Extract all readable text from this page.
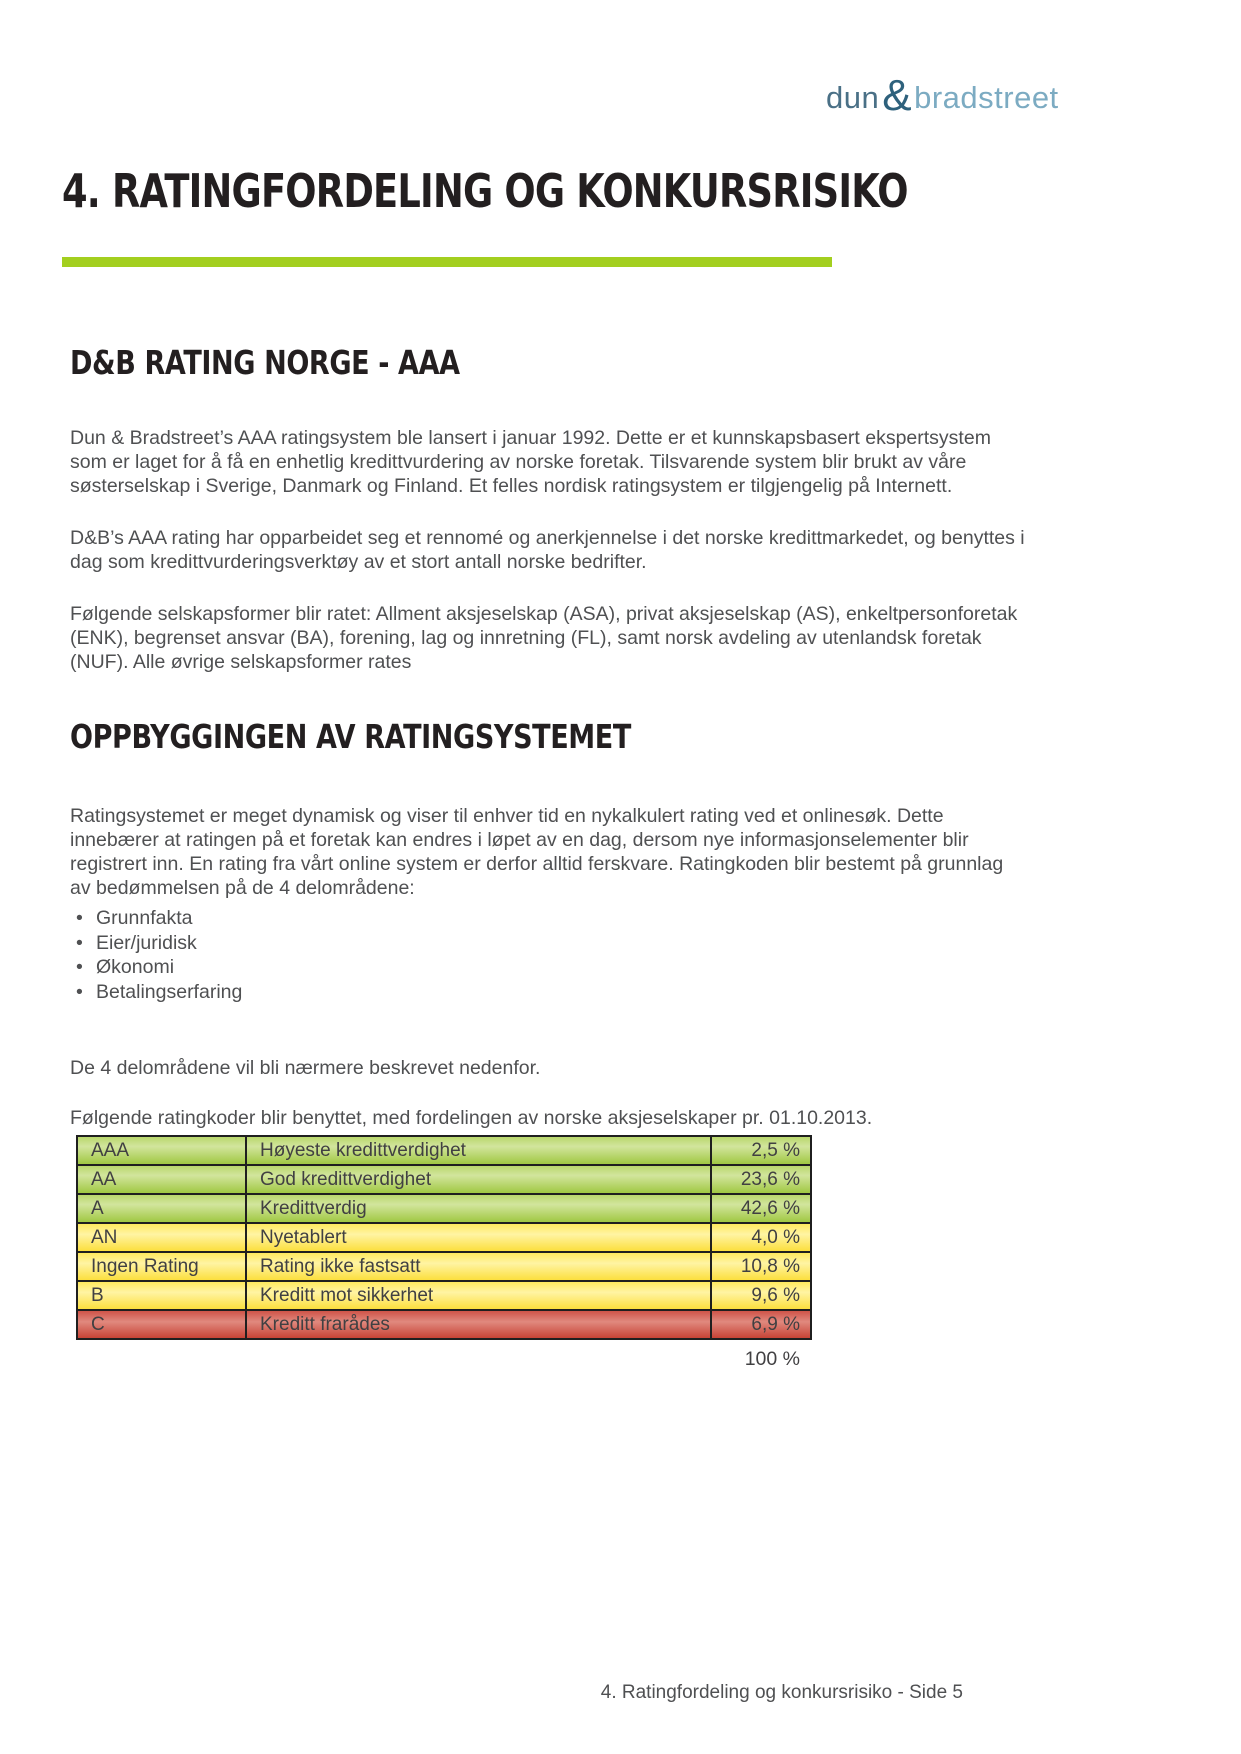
dun & bradstreet
4. RATINGFORDELING OG KONKURSRISIKO
D&B RATING NORGE - AAA

Dun & Bradstreet’s AAA ratingsystem ble lansert i januar 1992. Dette er et kunnskapsbasert ekspertsystem som er laget for å få en enhetlig kredittvurdering av norske foretak. Tilsvarende system blir brukt av våre søsterselskap i Sverige, Danmark og Finland. Et felles nordisk ratingsystem er tilgjengelig på Internett.

D&B’s AAA rating har opparbeidet seg et rennomé og anerkjennelse i det norske kredittmarkedet, og benyttes i dag som kredittvurderingsverktøy av et stort antall norske bedrifter.

Følgende selskapsformer blir ratet: Allment aksjeselskap (ASA), privat aksjeselskap (AS), enkeltpersonforetak (ENK), begrenset ansvar (BA), forening, lag og innretning (FL), samt norsk avdeling av utenlandsk foretak (NUF). Alle øvrige selskapsformer rates

OPPBYGGINGEN AV RATINGSYSTEMET

Ratingsystemet er meget dynamisk og viser til enhver tid en nykalkulert rating ved et onlinesøk. Dette innebærer at ratingen på et foretak kan endres i løpet av en dag, dersom nye informasjonselementer blir registrert inn. En rating fra vårt online system er derfor alltid ferskvare. Ratingkoden blir bestemt på grunnlag av bedømmelsen på de 4 delområdene:

• Grunnfakta
• Eier/juridisk
• Økonomi
• Betalingserfaring

De 4 delområdene vil bli nærmere beskrevet nedenfor.

Følgende ratingkoder blir benyttet, med fordelingen av norske aksjeselskaper pr. 01.10.2013.

AAA	Høyeste kredittverdighet	2,5 %
AA	God kredittverdighet	23,6 %
A	Kredittverdig	42,6 %
AN	Nyetablert	4,0 %
Ingen Rating	Rating ikke fastsatt	10,8 %
B	Kreditt mot sikkerhet	9,6 %
C	Kreditt frarådes	6,9 %
100 %
4. Ratingfordeling og konkursrisiko - Side 5
